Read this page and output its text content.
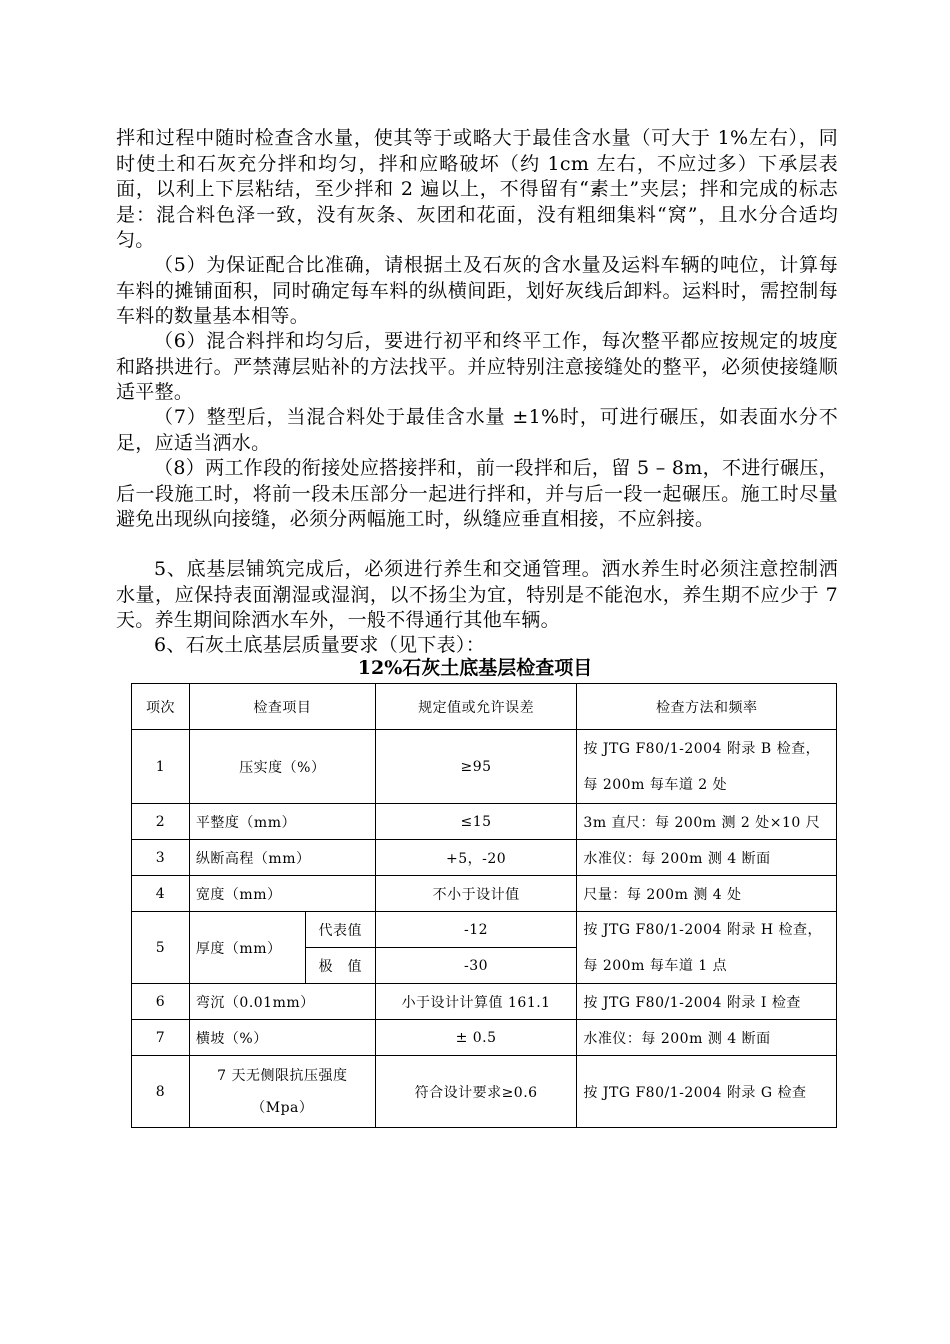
拌和过程中随时检查含水量，使其等于或略大于最佳含水量（可大于 1%左右），同时使土和石灰充分拌和均匀，拌和应略破坏（约 1cm 左右，不应过多）下承层表面，以利上下层粘结，至少拌和 2 遍以上，不得留有“素土”夹层；拌和完成的标志是：混合料色泽一致，没有灰条、灰团和花面，没有粗细集料“窝”，且水分合适均匀。

（5）为保证配合比准确，请根据土及石灰的含水量及运料车辆的吨位，计算每车料的摊铺面积，同时确定每车料的纵横间距，划好灰线后卸料。运料时，需控制每车料的数量基本相等。

（6）混合料拌和均匀后，要进行初平和终平工作，每次整平都应按规定的坡度和路拱进行。严禁薄层贴补的方法找平。并应特别注意接缝处的整平，必须使接缝顺适平整。

（7）整型后，当混合料处于最佳含水量 ±1%时，可进行碾压，如表面水分不足，应适当洒水。

（8）两工作段的衔接处应搭接拌和，前一段拌和后，留 5 – 8m，不进行碾压，后一段施工时，将前一段未压部分一起进行拌和，并与后一段一起碾压。施工时尽量避免出现纵向接缝，必须分两幅施工时，纵缝应垂直相接，不应斜接。

5、底基层铺筑完成后，必须进行养生和交通管理。洒水养生时必须注意控制洒水量，应保持表面潮湿或湿润，以不扬尘为宜，特别是不能泡水，养生期不应少于 7 天。养生期间除洒水车外，一般不得通行其他车辆。

6、石灰土底基层质量要求（见下表）：

12%石灰土底基层检查项目

项次	检查项目		规定值或允许误差	检查方法和频率
1	压实度（%）		≥95	按 JTG F80/1-2004 附录 B 检查，
每 200m 每车道 2 处

2	平整度（mm）		≤15	3m 直尺：每 200m 测 2 处×10 尺
3	纵断高程（mm）		+5，-20	水准仪：每 200m 测 4 断面
4	宽度（mm）		不小于设计值	尺量：每 200m 测 4 处
5	厚度（mm）	代表值	-12	按 JTG F80/1-2004 附录 H 检查，
每 200m 每车道 1 点

		极　值	-30	
6	弯沉（0.01mm）		小于设计计算值 161.1	按 JTG F80/1-2004 附录 I 检查
7	横坡（%）		± 0.5	水准仪：每 200m 测 4 断面
8	7 天无侧限抗压强度
（Mpa）		符合设计要求≥0.6	按 JTG F80/1-2004 附录 G 检查
